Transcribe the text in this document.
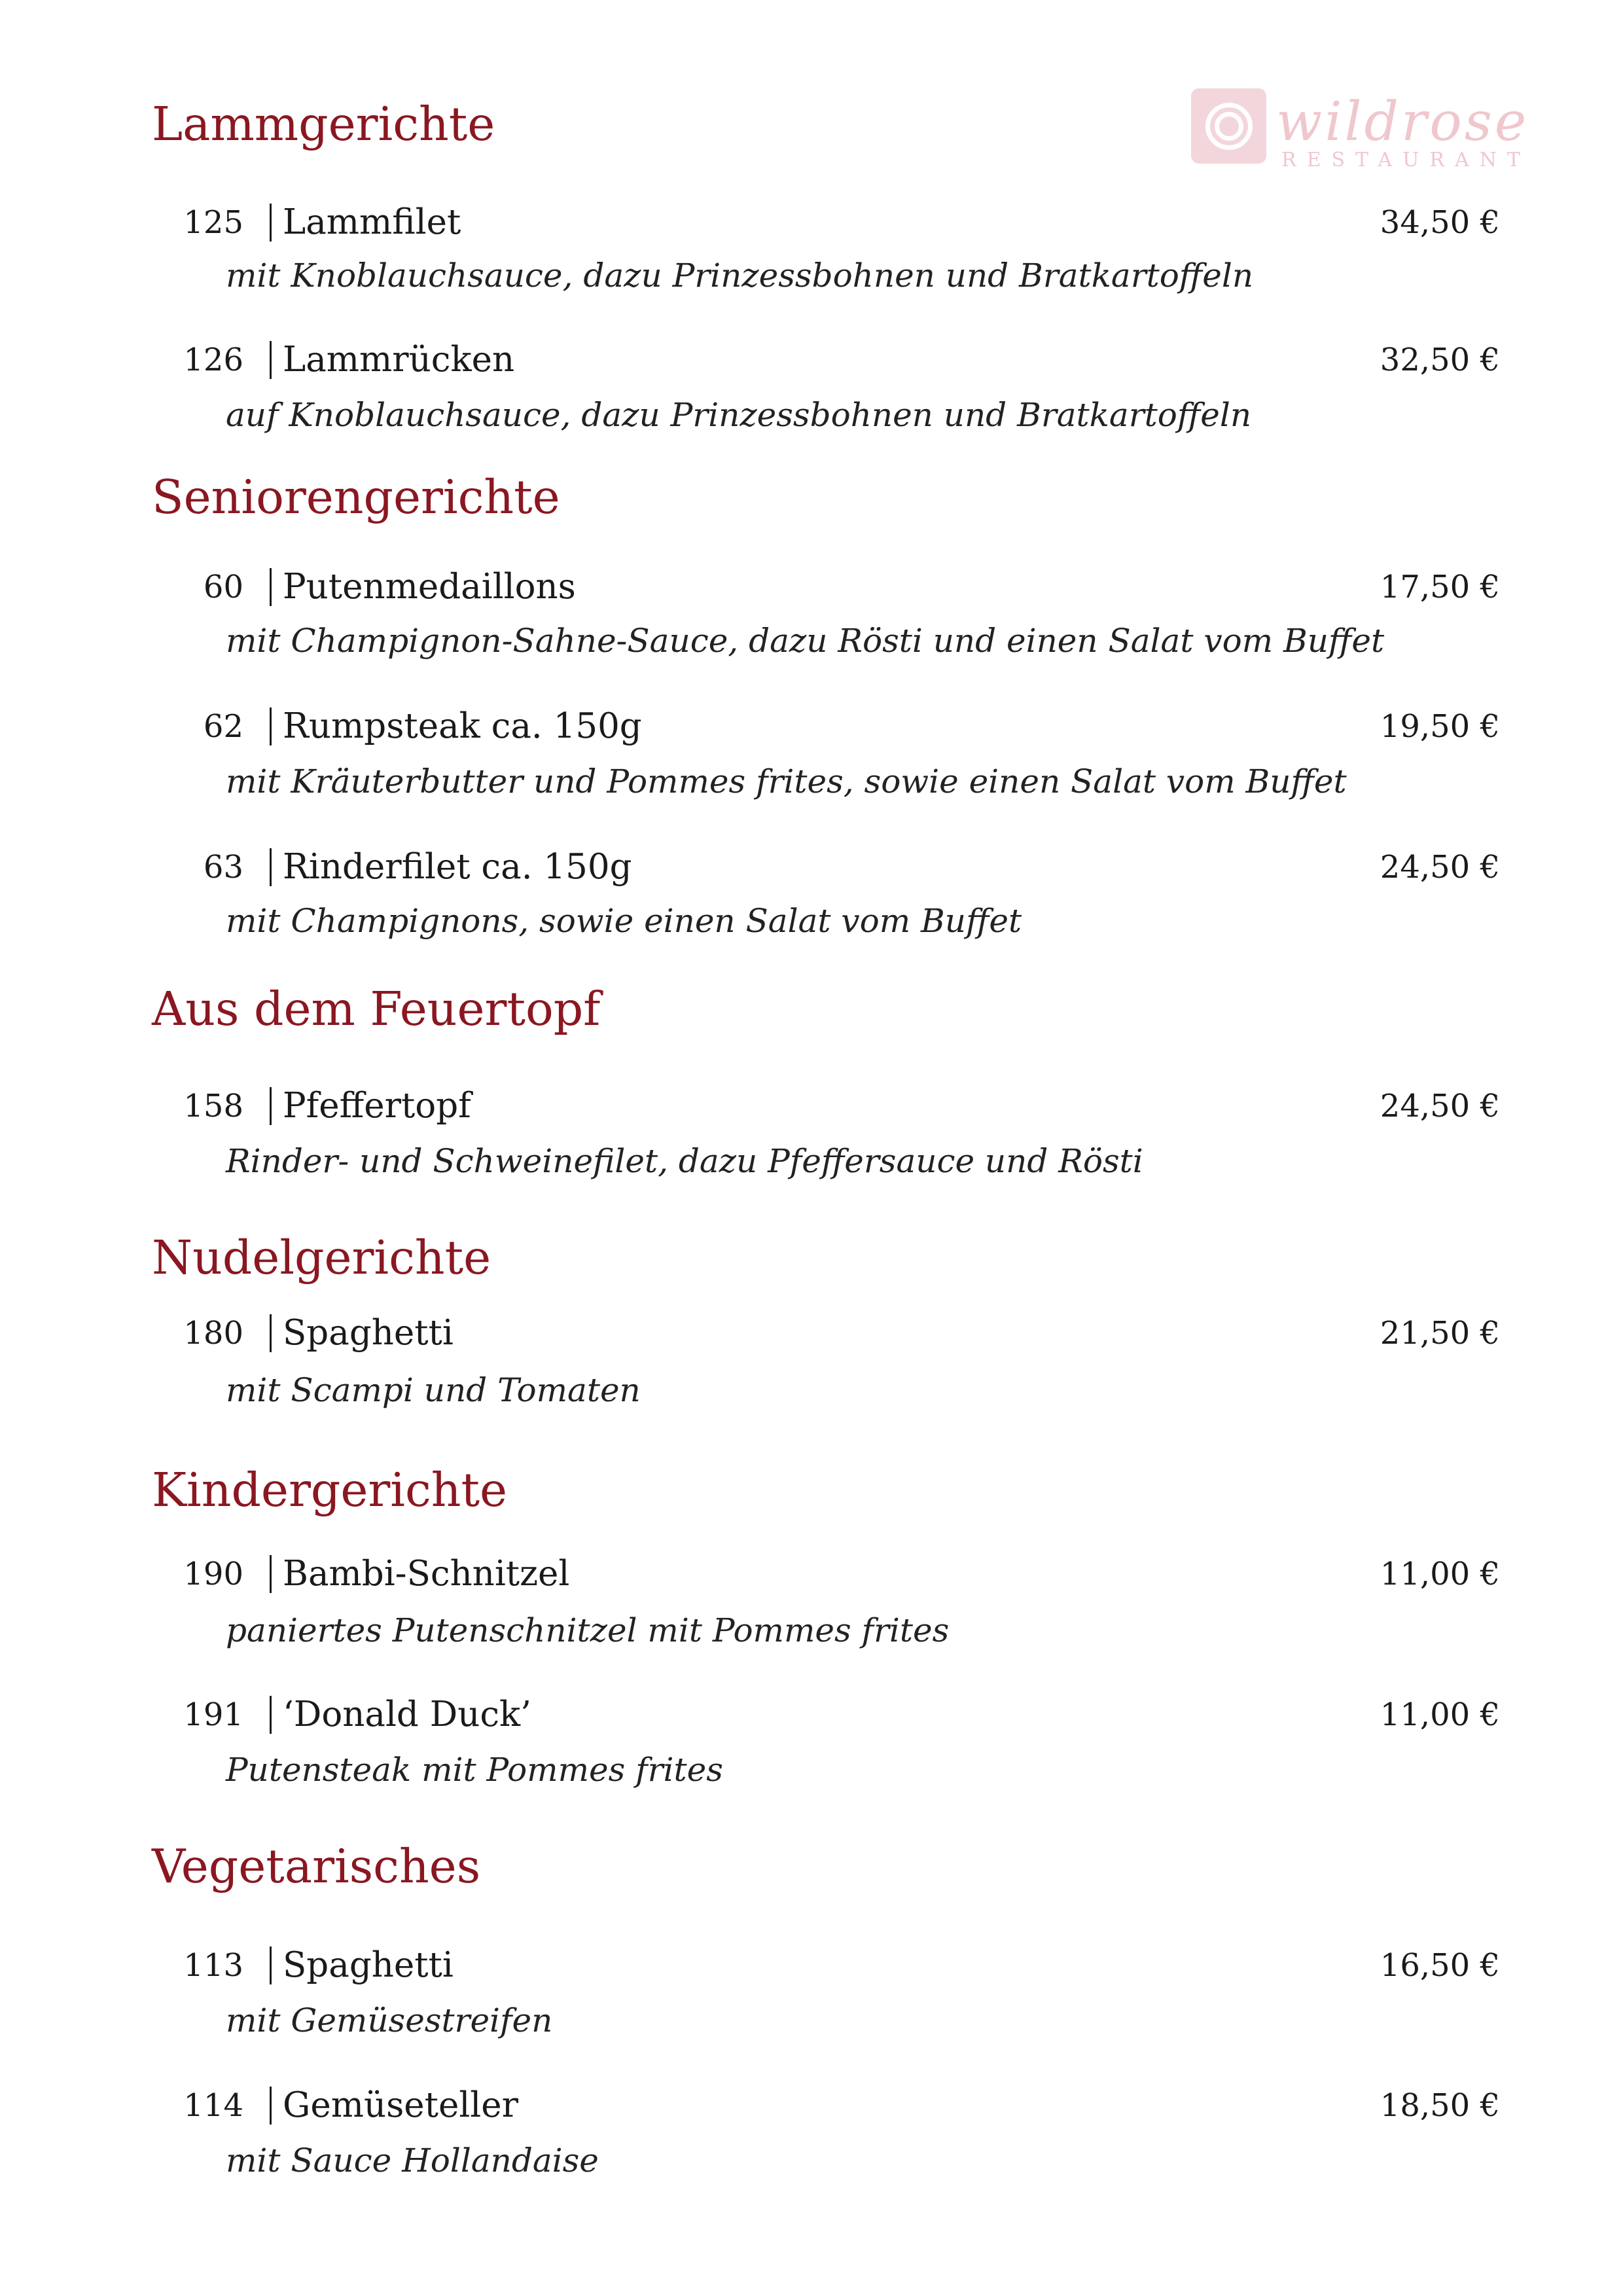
wildrose
RESTAURANT
Lammgerichte
125 Lammfilet	34,50 €
mit Knoblauchsauce, dazu Prinzessbohnen und Bratkartoffeln
126 Lammrücken	32,50 €
auf Knoblauchsauce, dazu Prinzessbohnen und Bratkartoffeln
Seniorengerichte
60 Putenmedaillons	17,50 €
mit Champignon-Sahne-Sauce, dazu Rösti und einen Salat vom Buffet
62 Rumpsteak ca. 150g	19,50 €
mit Kräuterbutter und Pommes frites, sowie einen Salat vom Buffet
63 Rinderfilet ca. 150g	24,50 €
mit Champignons, sowie einen Salat vom Buffet
Aus dem Feuertopf
158 Pfeffertopf	24,50 €
Rinder- und Schweinefilet, dazu Pfeffersauce und Rösti
Nudelgerichte
180 Spaghetti	21,50 €
mit Scampi und Tomaten
Kindergerichte
190 Bambi-Schnitzel	11,00 €
paniertes Putenschnitzel mit Pommes frites
191 ‘Donald Duck’	11,00 €
Putensteak mit Pommes frites
Vegetarisches
113 Spaghetti	16,50 €
mit Gemüsestreifen
114 Gemüseteller	18,50 €
mit Sauce Hollandaise
